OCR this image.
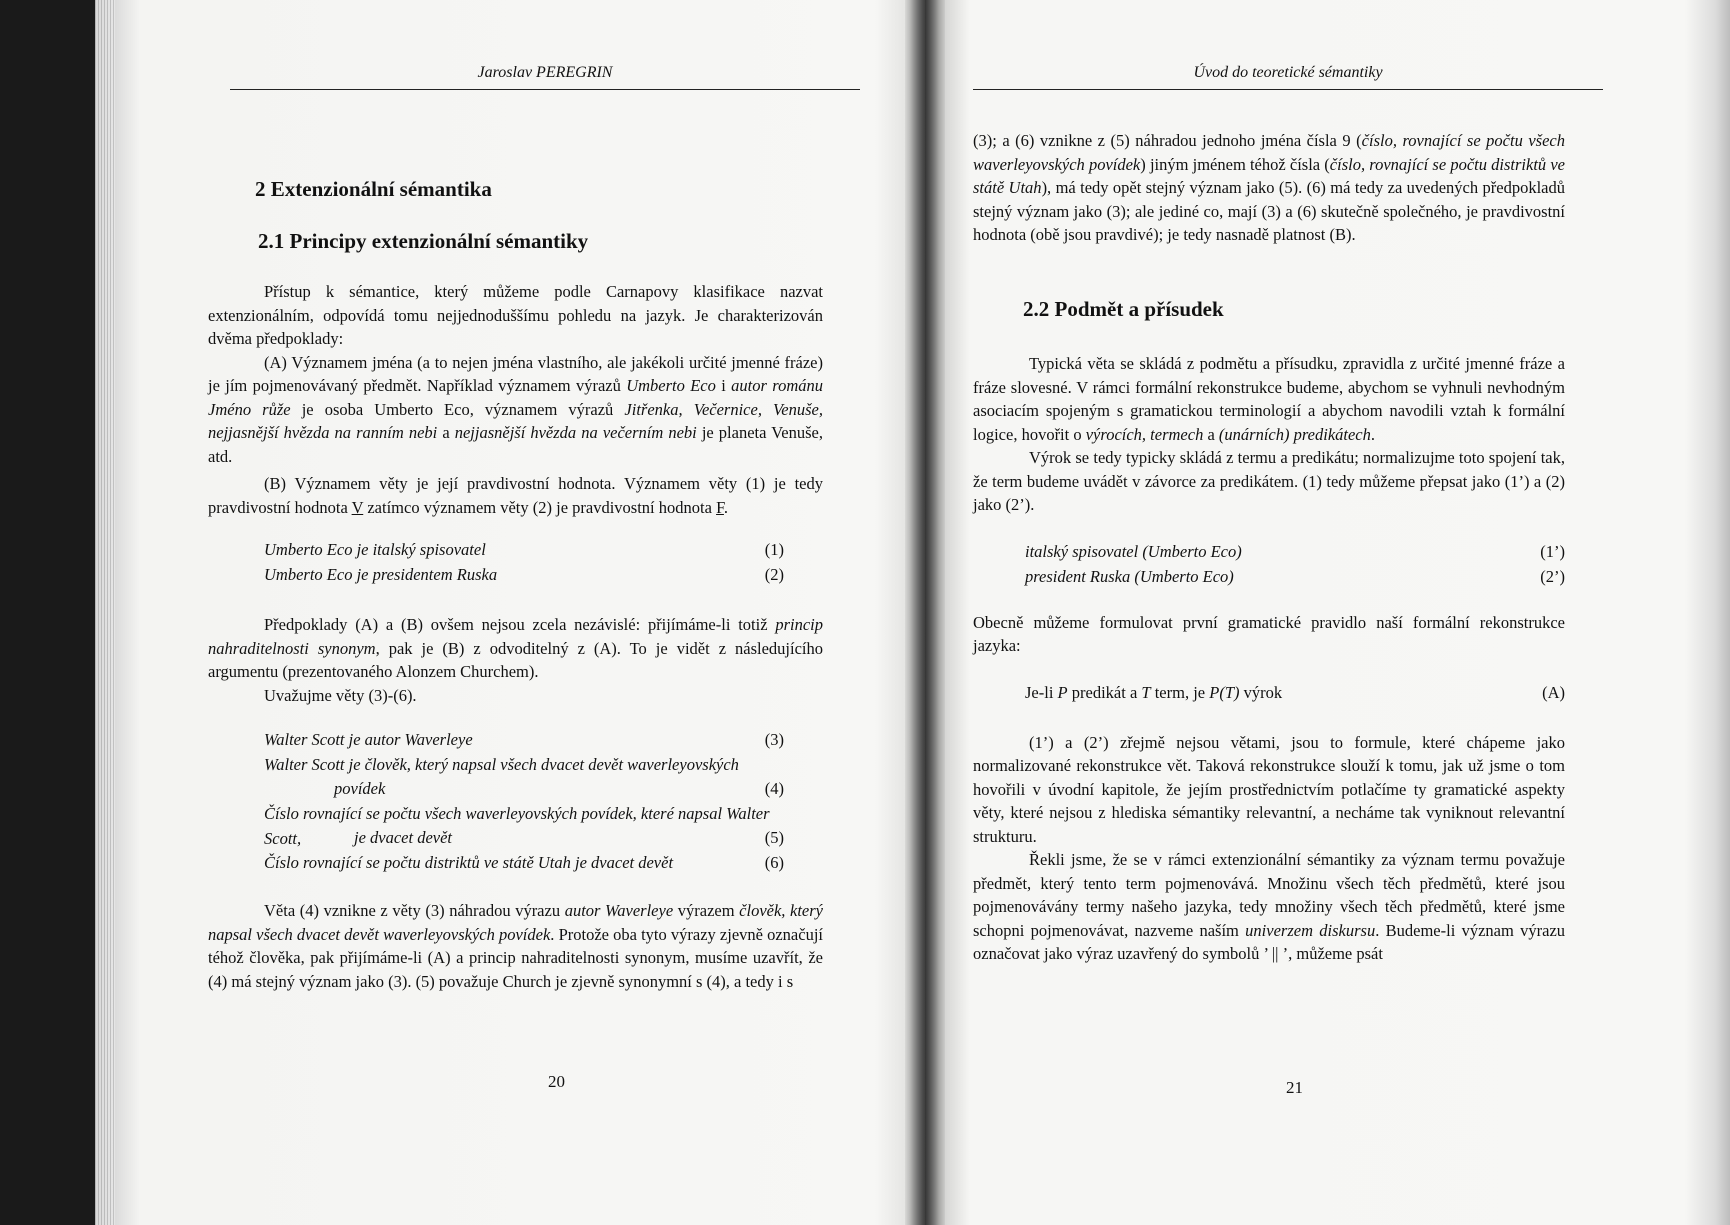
Jaroslav PEREGRIN

2 Extenzionální sémantika

2.1 Principy extenzionální sémantiky

Přístup k sémantice, který můžeme podle Carnapovy klasifikace nazvat extenzionálním, odpovídá tomu nejjednoduššímu pohledu na jazyk. Je charakterizován dvěma předpoklady:

(A) Významem jména (a to nejen jména vlastního, ale jakékoli určité jmenné fráze) je jím pojmenovávaný předmět. Například významem výrazů Umberto Eco i autor románu Jméno růže je osoba Umberto Eco, významem výrazů Jitřenka, Večernice, Venuše, nejjasnější hvězda na ranním nebi a nejjasnější hvězda na večerním nebi je planeta Venuše, atd.

(B) Významem věty je její pravdivostní hodnota. Významem věty (1) je tedy pravdivostní hodnota V zatímco významem věty (2) je pravdivostní hodnota F.

Umberto Eco je italský spisovatel	(1)
Umberto Eco je presidentem Ruska	(2)

Předpoklady (A) a (B) ovšem nejsou zcela nezávislé: přijímáme-li totiž princip nahraditelnosti synonym, pak je (B) z odvoditelný z (A). To je vidět z následujícího argumentu (prezentovaného Alonzem Churchem).

Uvažujme věty (3)-(6).

Walter Scott je autor Waverleye	(3)
Walter Scott je člověk, který napsal všech dvacet devět waverleyovských
povídek	(4)
Číslo rovnající se počtu všech waverleyovských povídek, které napsal Walter Scott,	je dvacet devět	(5)
Číslo rovnající se počtu distriktů ve státě Utah je dvacet devět	(6)

Věta (4) vznikne z věty (3) náhradou výrazu autor Waverleye výrazem člověk, který napsal všech dvacet devět waverleyovských povídek. Protože oba tyto výrazy zjevně označují téhož člověka, pak přijímáme-li (A) a princip nahraditelnosti synonym, musíme uzavřít, že (4) má stejný význam jako (3). (5) považuje Church je zjevně synonymní s (4), a tedy i s

20
Úvod do teoretické sémantiky

(3); a (6) vznikne z (5) náhradou jednoho jména čísla 9 (číslo, rovnající se počtu všech waverleyovských povídek) jiným jménem téhož čísla (číslo, rovnající se počtu distriktů ve státě Utah), má tedy opět stejný význam jako (5). (6) má tedy za uvedených předpokladů stejný význam jako (3); ale jediné co, mají (3) a (6) skutečně společného, je pravdivostní hodnota (obě jsou pravdivé); je tedy nasnadě platnost (B).

2.2 Podmět a přísudek

Typická věta se skládá z podmětu a přísudku, zpravidla z určité jmenné fráze a fráze slovesné. V rámci formální rekonstrukce budeme, abychom se vyhnuli nevhodným asociacím spojeným s gramatickou terminologií a abychom navodili vztah k formální logice, hovořit o výrocích, termech a (unárních) predikátech.

Výrok se tedy typicky skládá z termu a predikátu; normalizujme toto spojení tak, že term budeme uvádět v závorce za predikátem. (1) tedy můžeme přepsat jako (1’) a (2) jako (2’).

italský spisovatel (Umberto Eco)	(1’)
president Ruska (Umberto Eco)	(2’)

Obecně můžeme formulovat první gramatické pravidlo naší formální rekonstrukce jazyka:

Je-li P predikát a T term, je P(T) výrok	(A)

(1’) a (2’) zřejmě nejsou větami, jsou to formule, které chápeme jako normalizované rekonstrukce vět. Taková rekonstrukce slouží k tomu, jak už jsme o tom hovořili v úvodní kapitole, že jejím prostřednictvím potlačíme ty gramatické aspekty věty, které nejsou z hlediska sémantiky relevantní, a necháme tak vyniknout relevantní strukturu.

Řekli jsme, že se v rámci extenzionální sémantiky za význam termu považuje předmět, který tento term pojmenovává. Množinu všech těch předmětů, které jsou pojmenovávány termy našeho jazyka, tedy množiny všech těch předmětů, které jsme schopni pojmenovávat, nazveme naším univerzem diskursu. Budeme-li význam výrazu označovat jako výraz uzavřený do symbolů ’ || ’, můžeme psát

21
